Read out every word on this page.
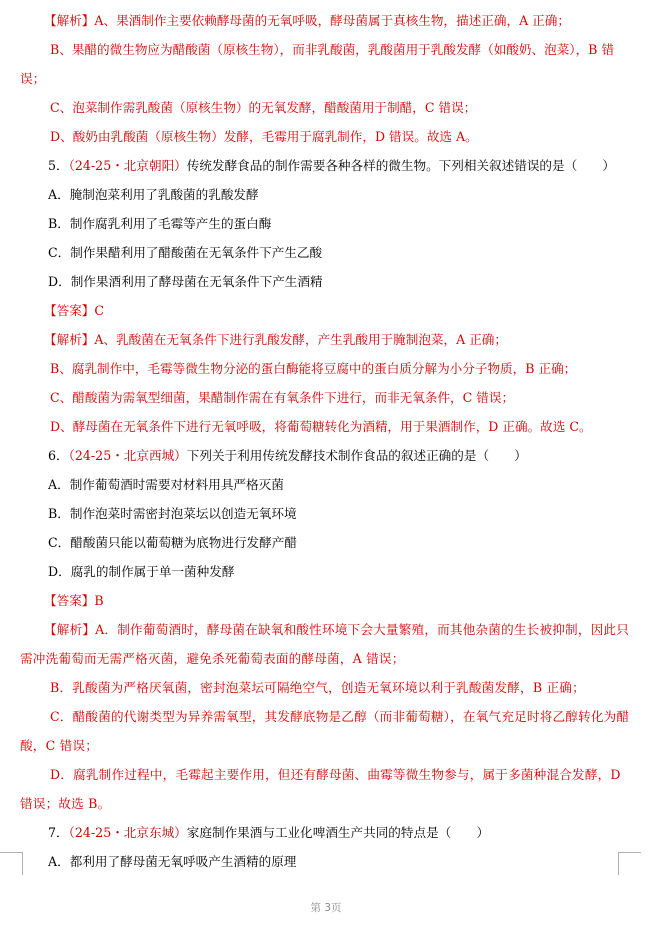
【解析】A、果酒制作主要依赖酵母菌的无氧呼吸，酵母菌属于真核生物，描述正确，A 正确；
B、果醋的微生物应为醋酸菌（原核生物），而非乳酸菌，乳酸菌用于乳酸发酵（如酸奶、泡菜），B 错误；
C、泡菜制作需乳酸菌（原核生物）的无氧发酵，醋酸菌用于制醋，C 错误；
D、酸奶由乳酸菌（原核生物）发酵，毛霉用于腐乳制作，D 错误。故选 A。
5．（24-25・北京朝阳）传统发酵食品的制作需要各种各样的微生物。下列相关叙述错误的是（　　）
A．腌制泡菜利用了乳酸菌的乳酸发酵
B．制作腐乳利用了毛霉等产生的蛋白酶
C．制作果醋利用了醋酸菌在无氧条件下产生乙酸
D．制作果酒利用了酵母菌在无氧条件下产生酒精
【答案】C
【解析】A、乳酸菌在无氧条件下进行乳酸发酵，产生乳酸用于腌制泡菜，A 正确；
B、腐乳制作中，毛霉等微生物分泌的蛋白酶能将豆腐中的蛋白质分解为小分子物质，B 正确；
C、醋酸菌为需氧型细菌，果醋制作需在有氧条件下进行，而非无氧条件，C 错误；
D、酵母菌在无氧条件下进行无氧呼吸，将葡萄糖转化为酒精，用于果酒制作，D 正确。故选 C。
6．（24-25・北京西城）下列关于利用传统发酵技术制作食品的叙述正确的是（　　）
A．制作葡萄酒时需要对材料用具严格灭菌
B．制作泡菜时需密封泡菜坛以创造无氧环境
C．醋酸菌只能以葡萄糖为底物进行发酵产醋
D．腐乳的制作属于单一菌种发酵
【答案】B
【解析】A．制作葡萄酒时，酵母菌在缺氧和酸性环境下会大量繁殖，而其他杂菌的生长被抑制，因此只需冲洗葡萄而无需严格灭菌，避免杀死葡萄表面的酵母菌，A 错误；
B．乳酸菌为严格厌氧菌，密封泡菜坛可隔绝空气，创造无氧环境以利于乳酸菌发酵，B 正确；
C．醋酸菌的代谢类型为异养需氧型，其发酵底物是乙醇（而非葡萄糖），在氧气充足时将乙醇转化为醋酸，C 错误；
D．腐乳制作过程中，毛霉起主要作用，但还有酵母菌、曲霉等微生物参与，属于多菌种混合发酵，D 错误；故选 B。
7．（24-25・北京东城）家庭制作果酒与工业化啤酒生产共同的特点是（　　）
A．都利用了酵母菌无氧呼吸产生酒精的原理
第 3页
